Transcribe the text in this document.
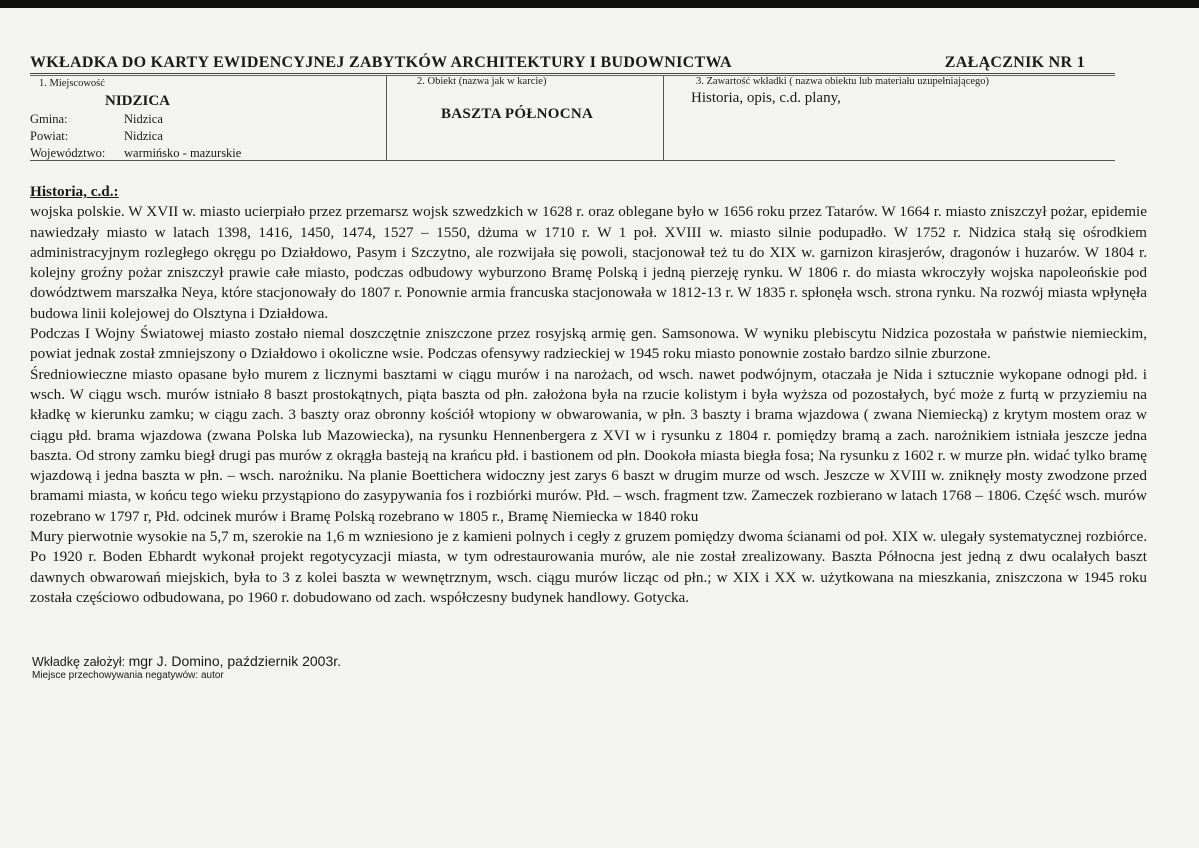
WKŁADKA DO KARTY EWIDENCYJNEJ ZABYTKÓW ARCHITEKTURY I BUDOWNICTWA	ZAŁĄCZNIK NR 1
1. Miejscowość
NIDZICA
Gmina:	Nidzica
Powiat:	Nidzica
Województwo: warmińsko - mazurskie
2. Obiekt (nazwa jak w karcie)
BASZTA PÓŁNOCNA
3. Zawartość wkładki ( nazwa obiektu lub materiału uzupełniającego)
Historia, opis, c.d. plany,

Historia, c.d.:

wojska polskie. W XVII w. miasto ucierpiało przez przemarsz wojsk szwedzkich w 1628 r. oraz oblegane było w 1656 roku przez Tatarów. W 1664 r. miasto zniszczył pożar, epidemie nawiedzały miasto w latach 1398, 1416, 1450, 1474, 1527 – 1550, dżuma w 1710 r. W 1 poł. XVIII w. miasto silnie podupadło. W 1752 r. Nidzica stałą się ośrodkiem administracyjnym rozległego okręgu po Działdowo, Pasym i Szczytno, ale rozwijała się powoli, stacjonował też tu do XIX w. garnizon kirasjerów, dragonów i huzarów. W 1804 r. kolejny groźny pożar zniszczył prawie całe miasto, podczas odbudowy wyburzono Bramę Polską i jedną pierzeję rynku. W 1806 r. do miasta wkroczyły wojska napoleońskie pod dowództwem marszałka Neya, które stacjonowały do 1807 r. Ponownie armia francuska stacjonowała w 1812-13 r. W 1835 r. spłonęła wsch. strona rynku. Na rozwój miasta wpłynęła budowa linii kolejowej do Olsztyna i Działdowa.

Podczas I Wojny Światowej miasto zostało niemal doszczętnie zniszczone przez rosyjską armię gen. Samsonowa. W wyniku plebiscytu Nidzica pozostała w państwie niemieckim, powiat jednak został zmniejszony o Działdowo i okoliczne wsie. Podczas ofensywy radzieckiej w 1945 roku miasto ponownie zostało bardzo silnie zburzone.

Średniowieczne miasto opasane było murem z licznymi basztami w ciągu murów i na narożach, od wsch. nawet podwójnym, otaczała je Nida i sztucznie wykopane odnogi płd. i wsch. W ciągu wsch. murów istniało 8 baszt prostokątnych, piąta baszta od płn. założona była na rzucie kolistym i była wyższa od pozostałych, być może z furtą w przyziemiu na kładkę w kierunku zamku; w ciągu zach. 3 baszty oraz obronny kościół wtopiony w obwarowania, w płn. 3 baszty i brama wjazdowa ( zwana Niemiecką) z krytym mostem oraz w ciągu płd. brama wjazdowa (zwana Polska lub Mazowiecka), na rysunku Hennenbergera z XVI w i rysunku z 1804 r. pomiędzy bramą a zach. narożnikiem istniała jeszcze jedna baszta. Od strony zamku biegł drugi pas murów z okrągła basteją na krańcu płd. i bastionem od płn. Dookoła miasta biegła fosa; Na rysunku z 1602 r. w murze płn. widać tylko bramę wjazdową i jedna baszta w płn. – wsch. narożniku. Na planie Boettichera widoczny jest zarys 6 baszt w drugim murze od wsch. Jeszcze w XVIII w. zniknęły mosty zwodzone przed bramami miasta, w końcu tego wieku przystąpiono do zasypywania fos i rozbiórki murów. Płd. – wsch. fragment tzw. Zameczek rozbierano w latach 1768 – 1806. Część wsch. murów rozebrano w 1797 r, Płd. odcinek murów i Bramę Polską rozebrano w 1805 r., Bramę Niemiecka w 1840 roku

Mury pierwotnie wysokie na 5,7 m, szerokie na 1,6 m wzniesiono je z kamieni polnych i cegły z gruzem pomiędzy dwoma ścianami od poł. XIX w. ulegały systematycznej rozbiórce. Po 1920 r. Boden Ebhardt wykonał projekt regotycyzacji miasta, w tym odrestaurowania murów, ale nie został zrealizowany. Baszta Północna jest jedną z dwu ocalałych baszt dawnych obwarowań miejskich, była to 3 z kolei baszta w wewnętrznym, wsch. ciągu murów licząc od płn.; w XIX i XX w. użytkowana na mieszkania, zniszczona w 1945 roku została częściowo odbudowana, po 1960 r. dobudowano od zach. współczesny budynek handlowy. Gotycka.

Wkładkę założył: mgr J. Domino, październik 2003r.
Miejsce przechowywania negatywów: autor
